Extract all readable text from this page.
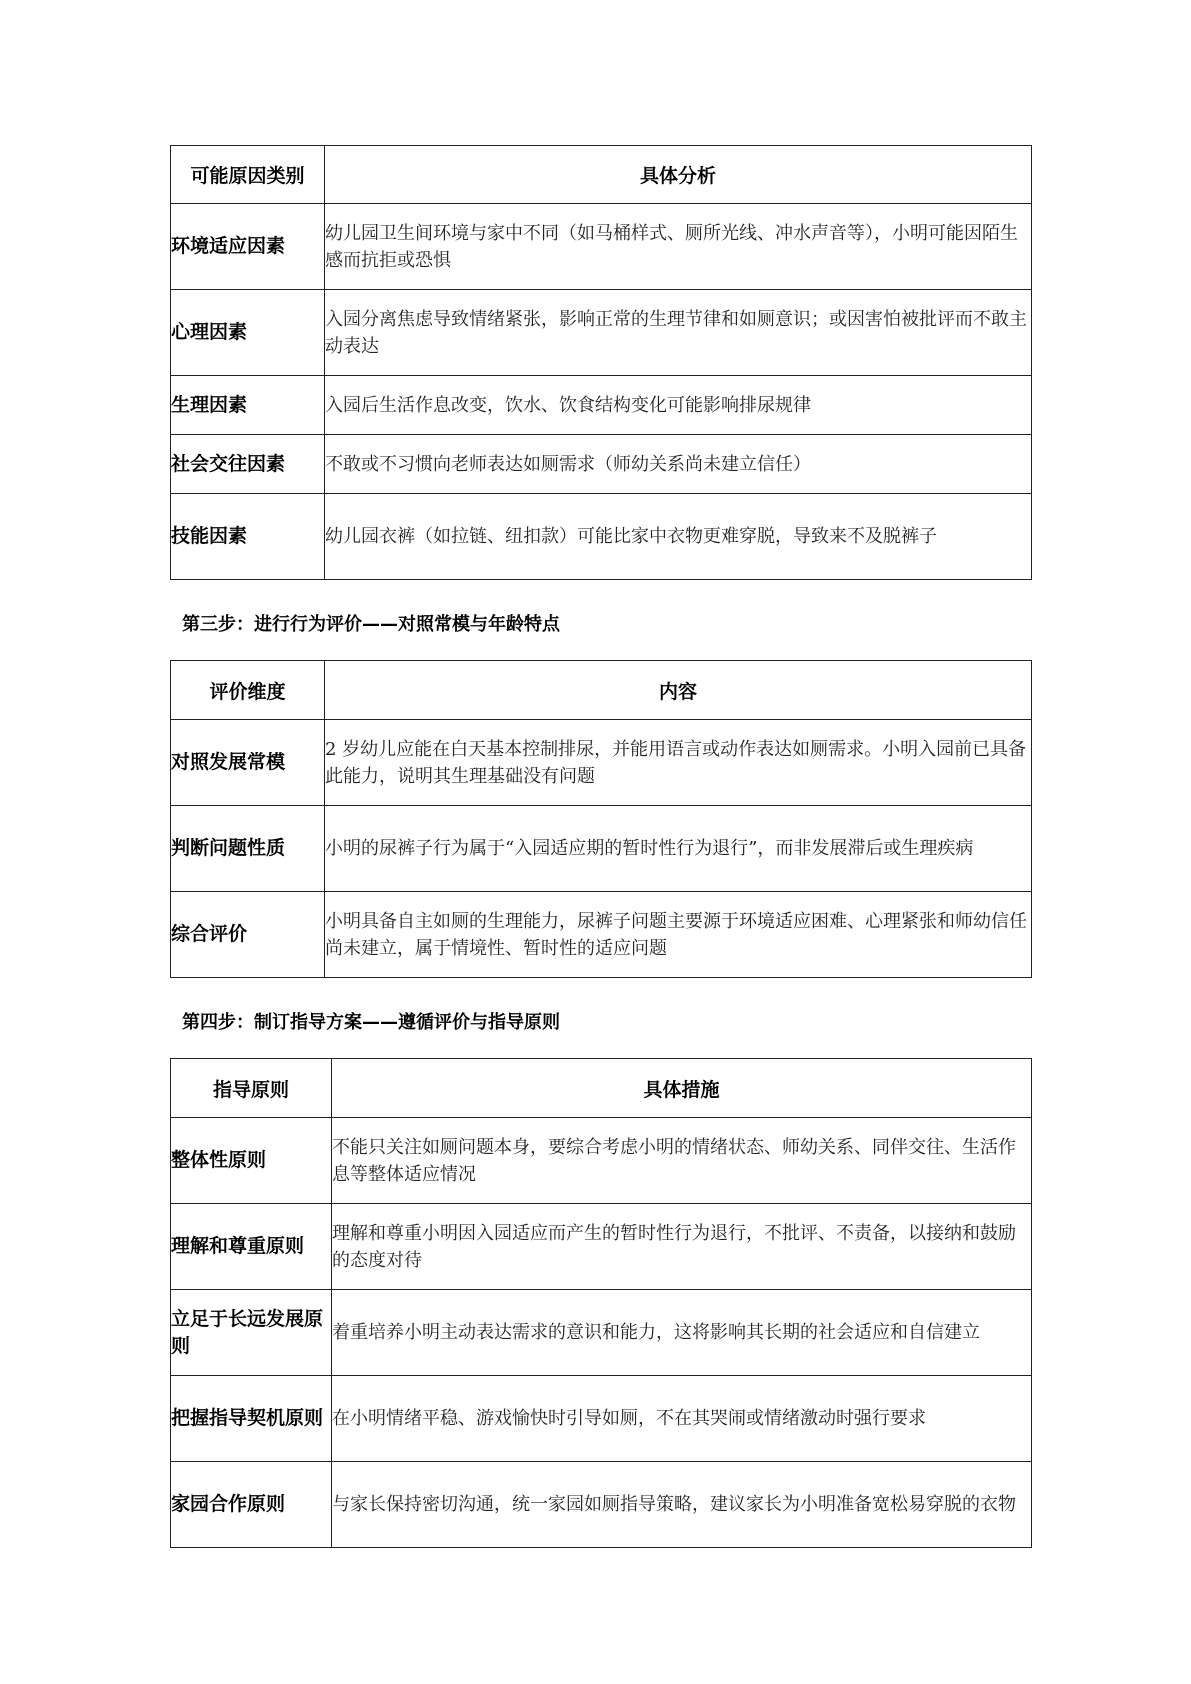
可能原因类别	具体分析
环境适应因素	幼儿园卫生间环境与家中不同（如马桶样式、厕所光线、冲水声音等），小明可能因陌生感而抗拒或恐惧
心理因素	入园分离焦虑导致情绪紧张，影响正常的生理节律和如厕意识；或因害怕被批评而不敢主动表达
生理因素	入园后生活作息改变，饮水、饮食结构变化可能影响排尿规律
社会交往因素	不敢或不习惯向老师表达如厕需求（师幼关系尚未建立信任）
技能因素	幼儿园衣裤（如拉链、纽扣款）可能比家中衣物更难穿脱，导致来不及脱裤子
第三步：进行行为评价——对照常模与年龄特点
评价维度	内容
对照发展常模	2 岁幼儿应能在白天基本控制排尿，并能用语言或动作表达如厕需求。小明入园前已具备此能力，说明其生理基础没有问题
判断问题性质	小明的尿裤子行为属于“入园适应期的暂时性行为退行”，而非发展滞后或生理疾病
综合评价	小明具备自主如厕的生理能力，尿裤子问题主要源于环境适应困难、心理紧张和师幼信任尚未建立，属于情境性、暂时性的适应问题
第四步：制订指导方案——遵循评价与指导原则
指导原则	具体措施
整体性原则	不能只关注如厕问题本身，要综合考虑小明的情绪状态、师幼关系、同伴交往、生活作息等整体适应情况
理解和尊重原则	理解和尊重小明因入园适应而产生的暂时性行为退行，不批评、不责备，以接纳和鼓励的态度对待
立足于长远发展原则	着重培养小明主动表达需求的意识和能力，这将影响其长期的社会适应和自信建立
把握指导契机原则	在小明情绪平稳、游戏愉快时引导如厕，不在其哭闹或情绪激动时强行要求
家园合作原则	与家长保持密切沟通，统一家园如厕指导策略，建议家长为小明准备宽松易穿脱的衣物
